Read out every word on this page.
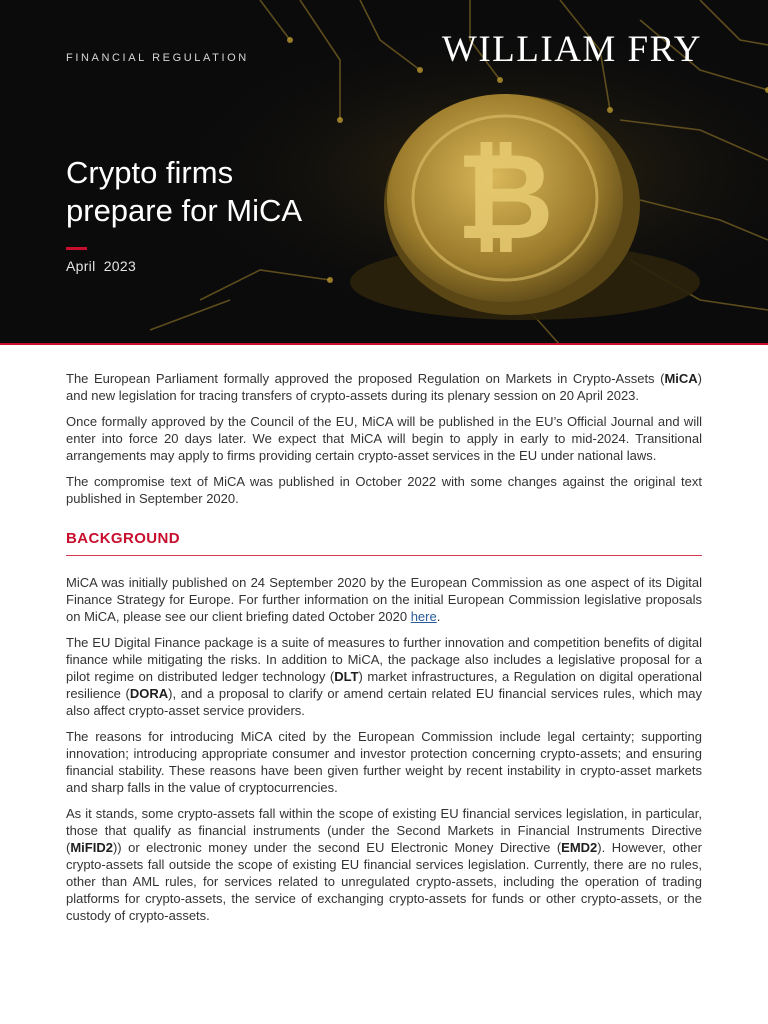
₿
FINANCIAL REGULATION	WILLIAM FRY
Crypto firms
prepare for MiCA
April 2023

The European Parliament formally approved the proposed Regulation on Markets in Crypto-Assets (MiCA) and new legislation for tracing transfers of crypto-assets during its plenary session on 20 April 2023.

Once formally approved by the Council of the EU, MiCA will be published in the EU’s Official Journal and will enter into force 20 days later. We expect that MiCA will begin to apply in early to mid-2024. Transitional arrangements may apply to firms providing certain crypto-asset services in the EU under national laws.

The compromise text of MiCA was published in October 2022 with some changes against the original text published in September 2020.

BACKGROUND

MiCA was initially published on 24 September 2020 by the European Commission as one aspect of its Digital Finance Strategy for Europe. For further information on the initial European Commission legislative proposals on MiCA, please see our client briefing dated October 2020 here.

The EU Digital Finance package is a suite of measures to further innovation and competition benefits of digital finance while mitigating the risks. In addition to MiCA, the package also includes a legislative proposal for a pilot regime on distributed ledger technology (DLT) market infrastructures, a Regulation on digital operational resilience (DORA), and a proposal to clarify or amend certain related EU financial services rules, which may also affect crypto-asset service providers.

The reasons for introducing MiCA cited by the European Commission include legal certainty; supporting innovation; introducing appropriate consumer and investor protection concerning crypto-assets; and ensuring financial stability. These reasons have been given further weight by recent instability in crypto-asset markets and sharp falls in the value of cryptocurrencies.

As it stands, some crypto-assets fall within the scope of existing EU financial services legislation, in particular, those that qualify as financial instruments (under the Second Markets in Financial Instruments Directive (MiFID2)) or electronic money under the second EU Electronic Money Directive (EMD2). However, other crypto-assets fall outside the scope of existing EU financial services legislation. Currently, there are no rules, other than AML rules, for services related to unregulated crypto-assets, including the operation of trading platforms for crypto-assets, the service of exchanging crypto-assets for funds or other crypto-assets, or the custody of crypto-assets.
